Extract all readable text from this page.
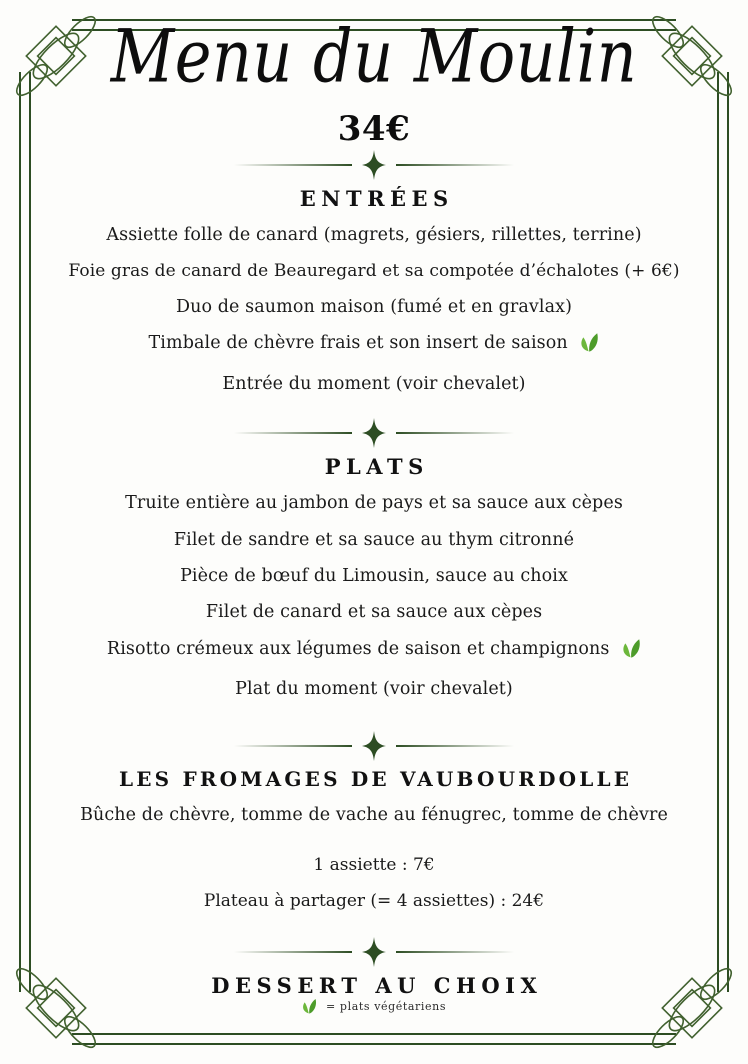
Menu du Moulin
34€
ENTRÉES
Assiette folle de canard (magrets, gésiers, rillettes, terrine)
Foie gras de canard de Beauregard et sa compotée d’échalotes (+ 6€)
Duo de saumon maison (fumé et en gravlax)
Timbale de chèvre frais et son insert de saison
Entrée du moment (voir chevalet)
PLATS
Truite entière au jambon de pays et sa sauce aux cèpes
Filet de sandre et sa sauce au thym citronné
Pièce de bœuf du Limousin, sauce au choix
Filet de canard et sa sauce aux cèpes
Risotto crémeux aux légumes de saison et champignons
Plat du moment (voir chevalet)
LES FROMAGES DE VAUBOURDOLLE
Bûche de chèvre, tomme de vache au fénugrec, tomme de chèvre
1 assiette : 7€
Plateau à partager (= 4 assiettes) : 24€
DESSERT AU CHOIX
= plats végétariens
